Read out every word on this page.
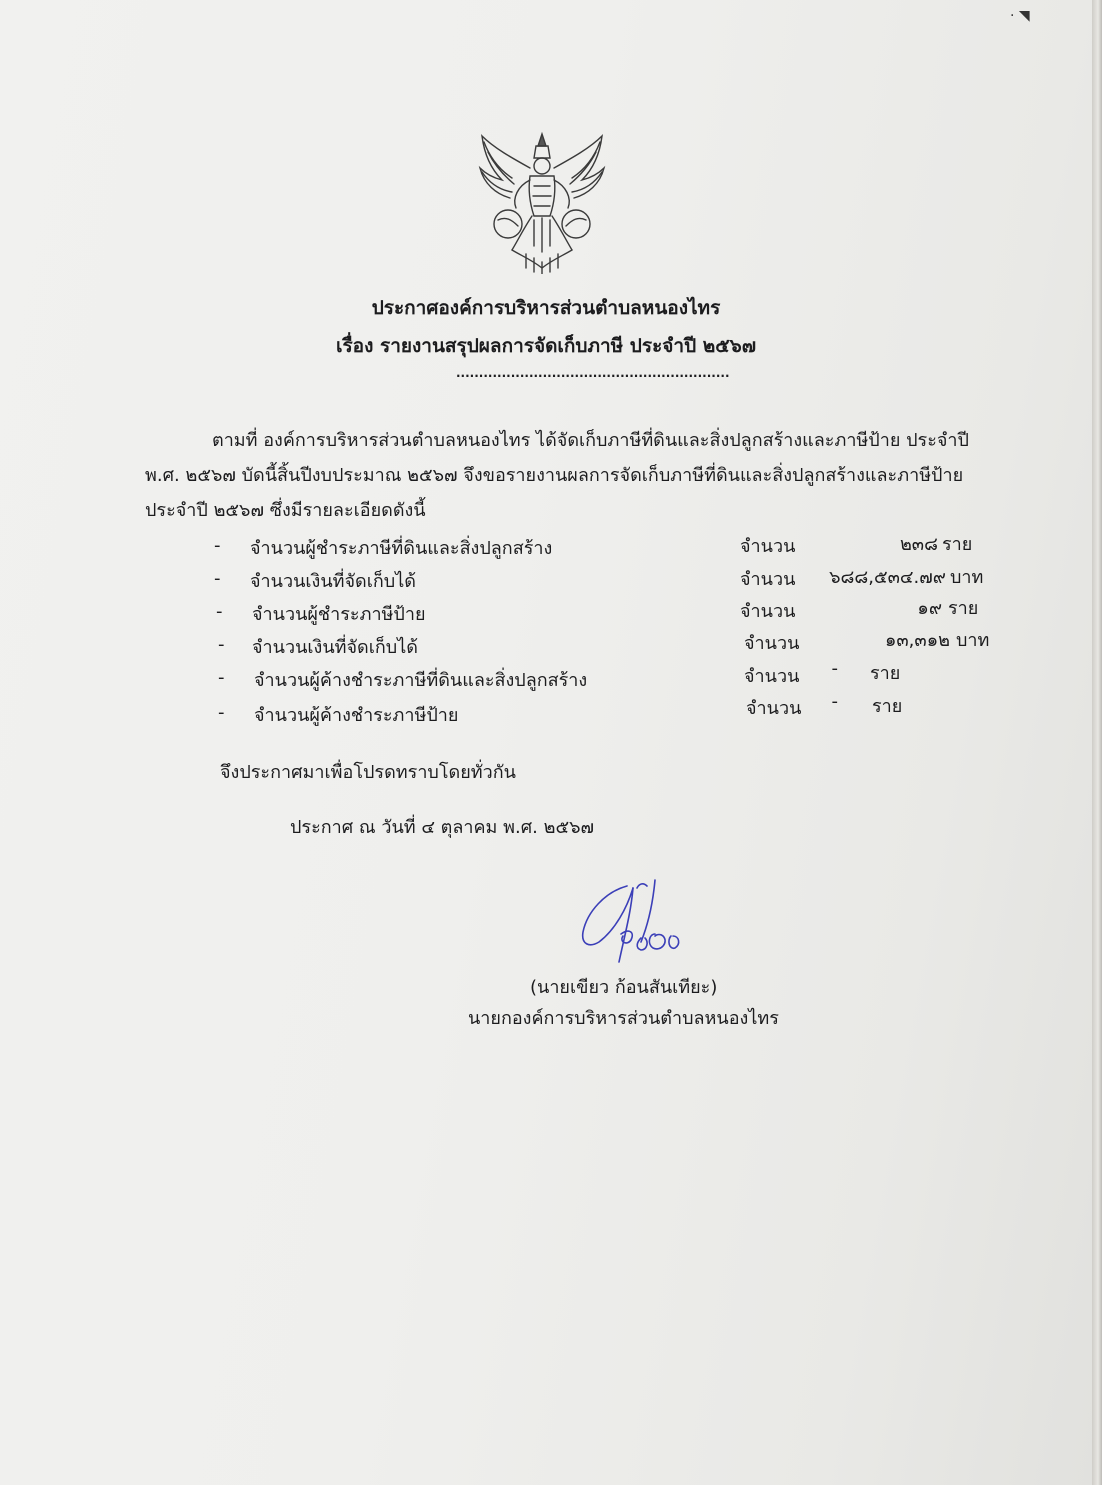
· ◥
ประกาศองค์การบริหารส่วนตำบลหนองไทร
เรื่อง รายงานสรุปผลการจัดเก็บภาษี ประจำปี ๒๕๖๗
............................................................
ตามที่ องค์การบริหารส่วนตำบลหนองไทร ได้จัดเก็บภาษีที่ดินและสิ่งปลูกสร้างและภาษีป้าย ประจำปี
พ.ศ. ๒๕๖๗ บัดนี้สิ้นปีงบประมาณ ๒๕๖๗ จึงขอรายงานผลการจัดเก็บภาษีที่ดินและสิ่งปลูกสร้างและภาษีป้าย
ประจำปี ๒๕๖๗ ซึ่งมีรายละเอียดดังนี้
- จำนวนผู้ชำระภาษีที่ดินและสิ่งปลูกสร้าง	จำนวน	๒๓๘ ราย
- จำนวนเงินที่จัดเก็บได้	จำนวน	๖๘๘,๕๓๔.๗๙ บาท
- จำนวนผู้ชำระภาษีป้าย	จำนวน	๑๙ ราย
- จำนวนเงินที่จัดเก็บได้	จำนวน	๑๓,๓๑๒ บาท
- จำนวนผู้ค้างชำระภาษีที่ดินและสิ่งปลูกสร้าง	จำนวน	- ราย
- จำนวนผู้ค้างชำระภาษีป้าย	จำนวน	- ราย
จึงประกาศมาเพื่อโปรดทราบโดยทั่วกัน
ประกาศ ณ วันที่ ๔ ตุลาคม พ.ศ. ๒๕๖๗
(นายเขียว ก้อนสันเทียะ)
นายกองค์การบริหารส่วนตำบลหนองไทร
